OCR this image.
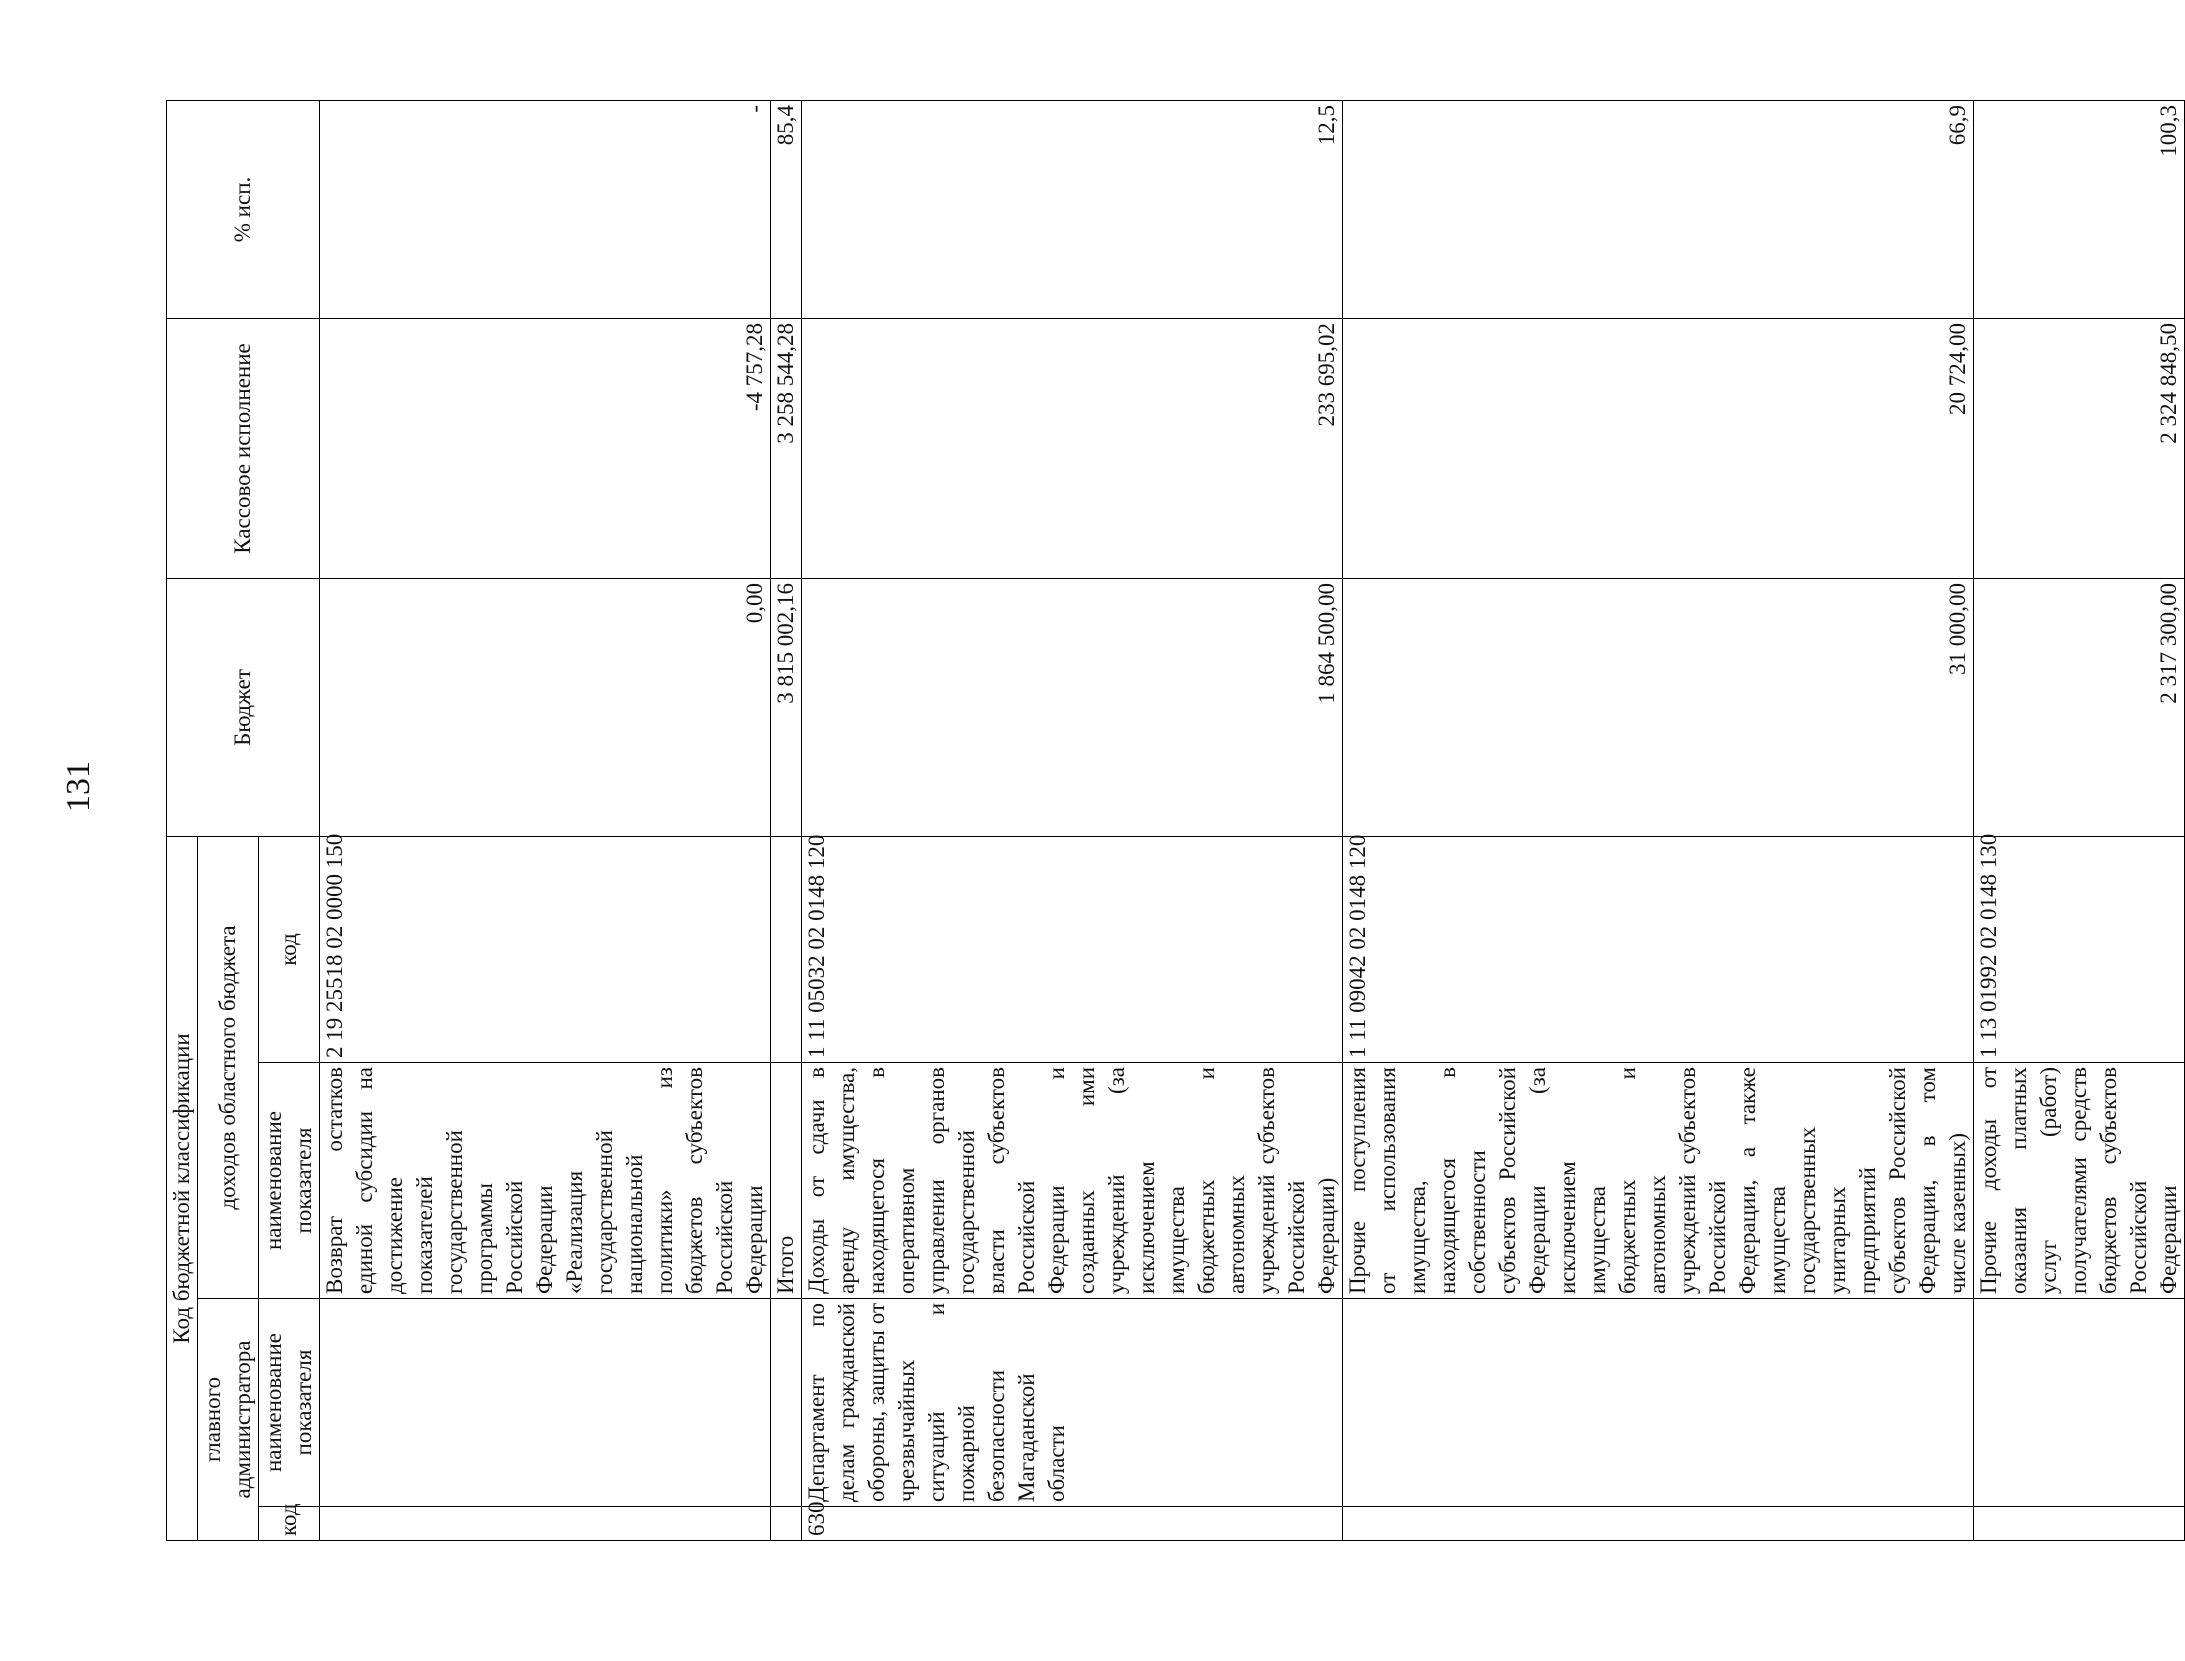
131
Код бюджетной классификации				Бюджет	Кассовое исполнение	% исп.
главного администратора		доходов областного бюджета				
код	наименование показателя	наименование показателя	код			
		Возврат остатков единой субсидии на достижение показателей государственной программы Российской Федерации «Реализация государственной национальной политики» из бюджетов субъектов Российской Федерации	2 19 25518 02 0000 150	0,00	-4 757,28	-
		Итого		3 815 002,16	3 258 544,28	85,4
630	Департамент по делам гражданской обороны, защиты от чрезвычайных ситуаций и пожарной безопасности Магаданской области	Доходы от сдачи в аренду имущества, находящегося в оперативном управлении органов государственной власти субъектов Российской Федерации и созданных ими учреждений (за исключением имущества бюджетных и автономных учреждений субъектов Российской Федерации)	1 11 05032 02 0148 120	1 864 500,00	233 695,02	12,5
		Прочие поступления от использования имущества, находящегося в собственности субъектов Российской Федерации (за исключением имущества бюджетных и автономных учреждений субъектов Российской Федерации, а также имущества государственных унитарных предприятий субъектов Российской Федерации, в том числе казенных)	1 11 09042 02 0148 120	31 000,00	20 724,00	66,9
		Прочие доходы от оказания платных услуг (работ) получателями средств бюджетов субъектов Российской Федерации	1 13 01992 02 0148 130	2 317 300,00	2 324 848,50	100,3
